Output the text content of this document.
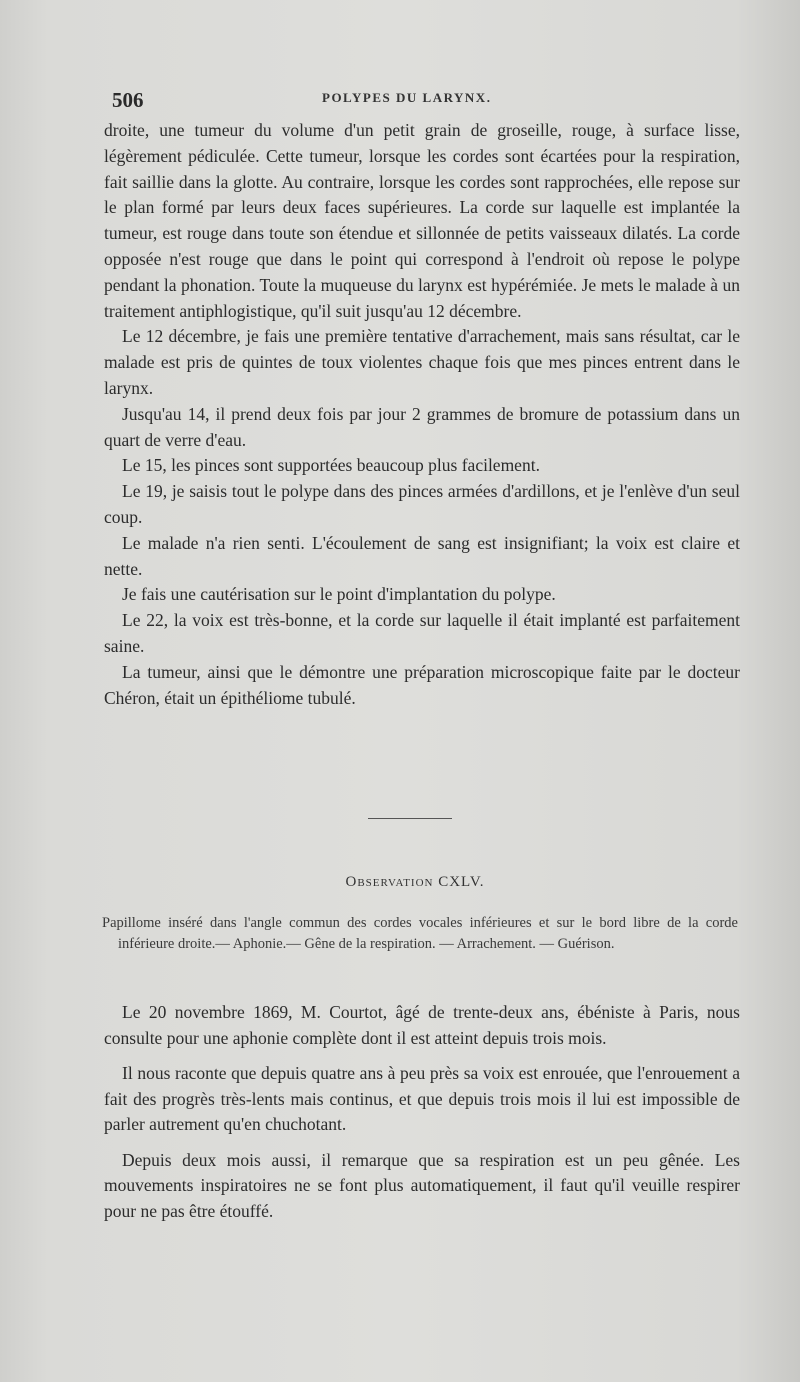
506	POLYPES DU LARYNX.

droite, une tumeur du volume d'un petit grain de groseille, rouge, à surface lisse, légèrement pédiculée. Cette tumeur, lorsque les cordes sont écartées pour la respiration, fait saillie dans la glotte. Au contraire, lorsque les cordes sont rapprochées, elle repose sur le plan formé par leurs deux faces supérieures. La corde sur laquelle est implantée la tumeur, est rouge dans toute son étendue et sillonnée de petits vaisseaux dilatés. La corde opposée n'est rouge que dans le point qui correspond à l'endroit où repose le polype pendant la phonation. Toute la muqueuse du larynx est hypérémiée. Je mets le malade à un traitement antiphlogistique, qu'il suit jusqu'au 12 décembre.

Le 12 décembre, je fais une première tentative d'arrachement, mais sans résultat, car le malade est pris de quintes de toux violentes chaque fois que mes pinces entrent dans le larynx.

Jusqu'au 14, il prend deux fois par jour 2 grammes de bromure de potassium dans un quart de verre d'eau.

Le 15, les pinces sont supportées beaucoup plus facilement.

Le 19, je saisis tout le polype dans des pinces armées d'ardillons, et je l'enlève d'un seul coup.

Le malade n'a rien senti. L'écoulement de sang est insignifiant; la voix est claire et nette.

Je fais une cautérisation sur le point d'implantation du polype.

Le 22, la voix est très-bonne, et la corde sur laquelle il était implanté est parfaitement saine.

La tumeur, ainsi que le démontre une préparation microscopique faite par le docteur Chéron, était un épithéliome tubulé.

Observation CXLV.
Papillome inséré dans l'angle commun des cordes vocales inférieures et sur le bord libre de la corde inférieure droite.— Aphonie.— Gêne de la respiration. — Arrachement. — Guérison.

Le 20 novembre 1869, M. Courtot, âgé de trente-deux ans, ébéniste à Paris, nous consulte pour une aphonie complète dont il est atteint depuis trois mois.

Il nous raconte que depuis quatre ans à peu près sa voix est enrouée, que l'enrouement a fait des progrès très-lents mais continus, et que depuis trois mois il lui est impossible de parler autrement qu'en chuchotant.

Depuis deux mois aussi, il remarque que sa respiration est un peu gênée. Les mouvements inspiratoires ne se font plus automatiquement, il faut qu'il veuille respirer pour ne pas être étouffé.
